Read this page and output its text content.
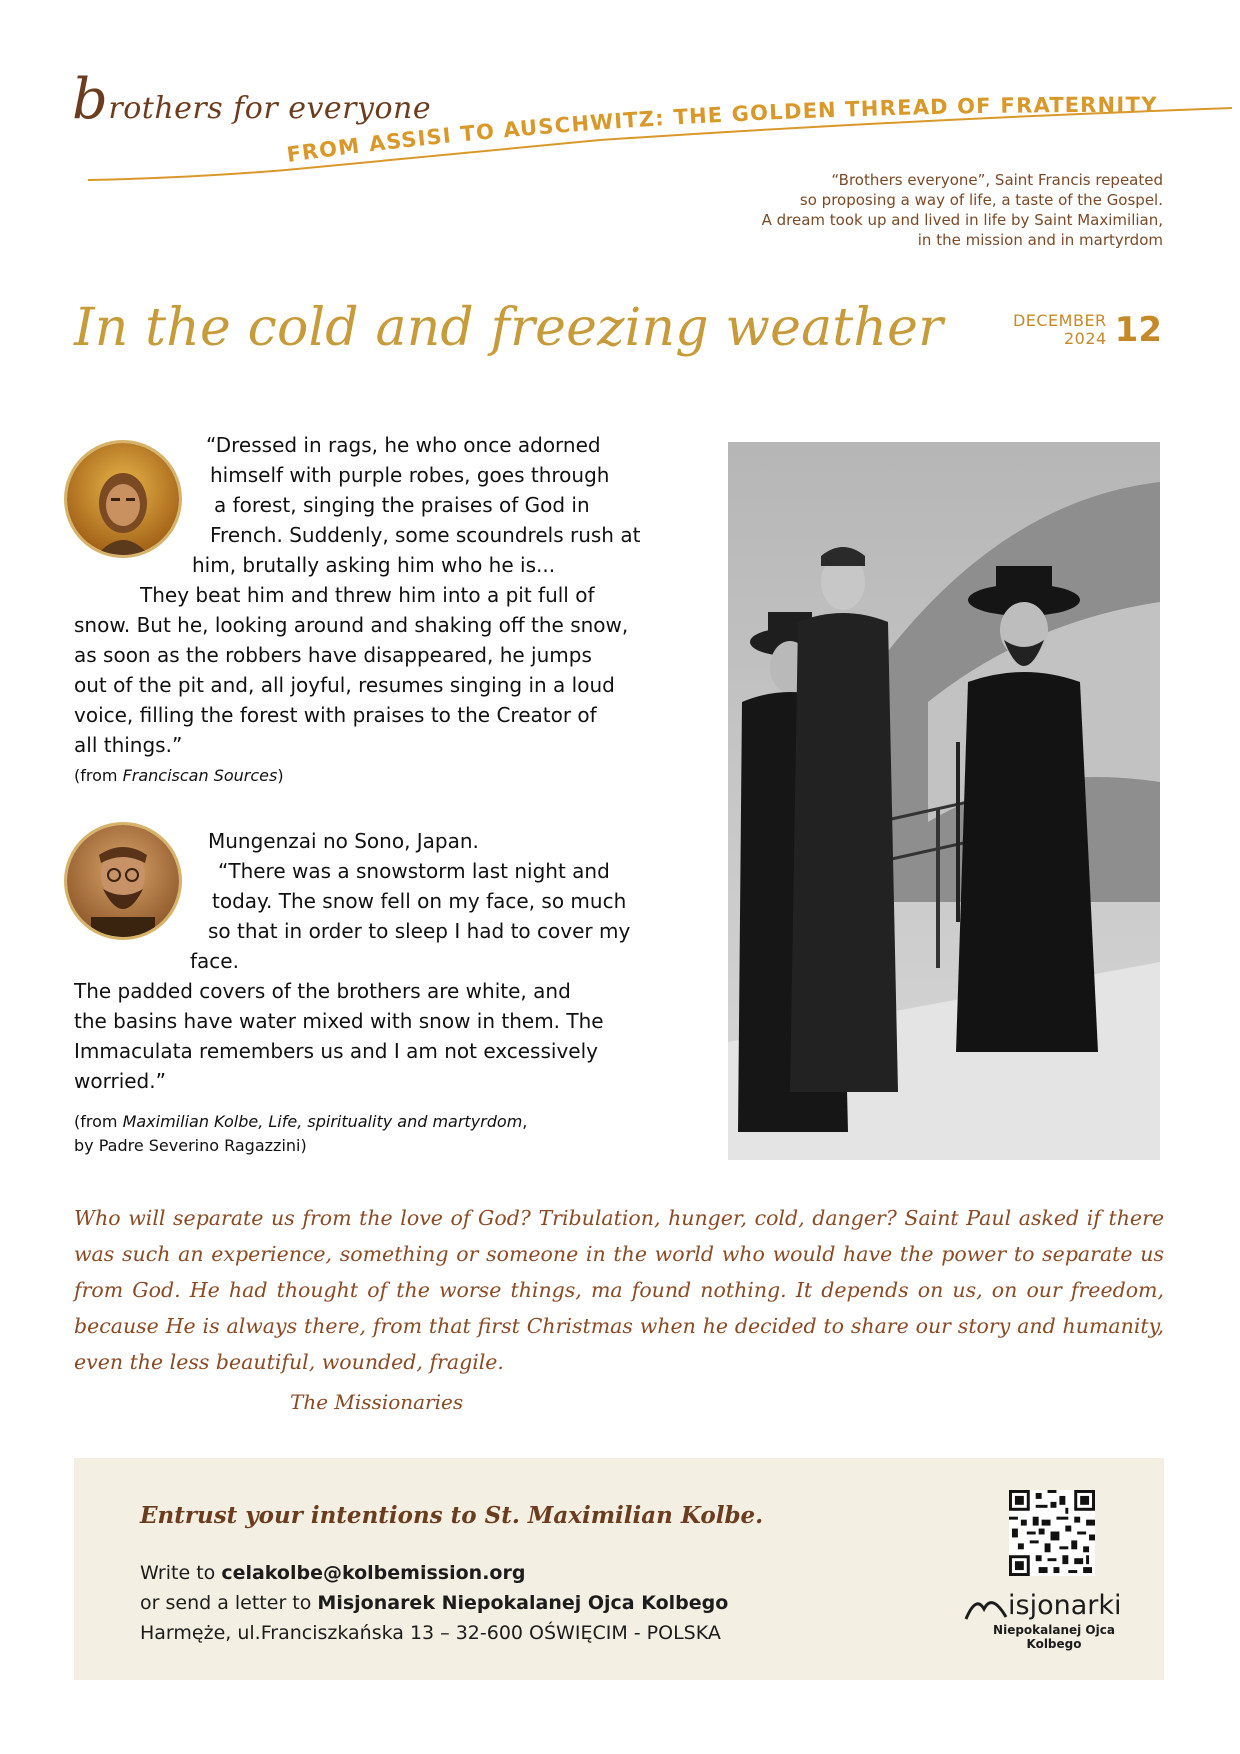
brothers for everyone
FROM ASSISI TO AUSCHWITZ: THE GOLDEN THREAD OF FRATERNITY
“Brothers everyone”, Saint Francis repeated
so proposing a way of life, a taste of the Gospel.
A dream took up and lived in life by Saint Maximilian,
in the mission and in martyrdom
In the cold and freezing weather	DECEMBER
2024 12
“Dressed in rags, he who once adorned
himself with purple robes, goes through
a forest, singing the praises of God in
French. Suddenly, some scoundrels rush at
him, brutally asking him who he is...
They beat him and threw him into a pit full of
snow. But he, looking around and shaking off the snow,
as soon as the robbers have disappeared, he jumps
out of the pit and, all joyful, resumes singing in a loud
voice, filling the forest with praises to the Creator of
all things.”
(from Franciscan Sources)
Mungenzai no Sono, Japan.
“There was a snowstorm last night and
today. The snow fell on my face, so much
so that in order to sleep I had to cover my
face.
The padded covers of the brothers are white, and
the basins have water mixed with snow in them. The
Immaculata remembers us and I am not excessively
worried.”
(from Maximilian Kolbe, Life, spirituality and martyrdom,
by Padre Severino Ragazzini)
Who will separate us from the love of God? Tribulation, hunger, cold, danger? Saint Paul asked if there was such an experience, something or someone in the world who would have the power to separate us from God. He had thought of the worse things, ma found nothing. It depends on us, on our freedom, because He is always there, from that first Christmas when he decided to share our story and humanity, even the less beautiful, wounded, fragile.
The Missionaries
Entrust your intentions to St. Maximilian Kolbe.
Write to celakolbe@kolbemission.org
or send a letter to Misjonarek Niepokalanej Ojca Kolbego
Harmęże, ul.Franciszkańska 13 – 32-600 OŚWIĘCIM - POLSKA
isjonarki
Niepokalanej Ojca Kolbego
